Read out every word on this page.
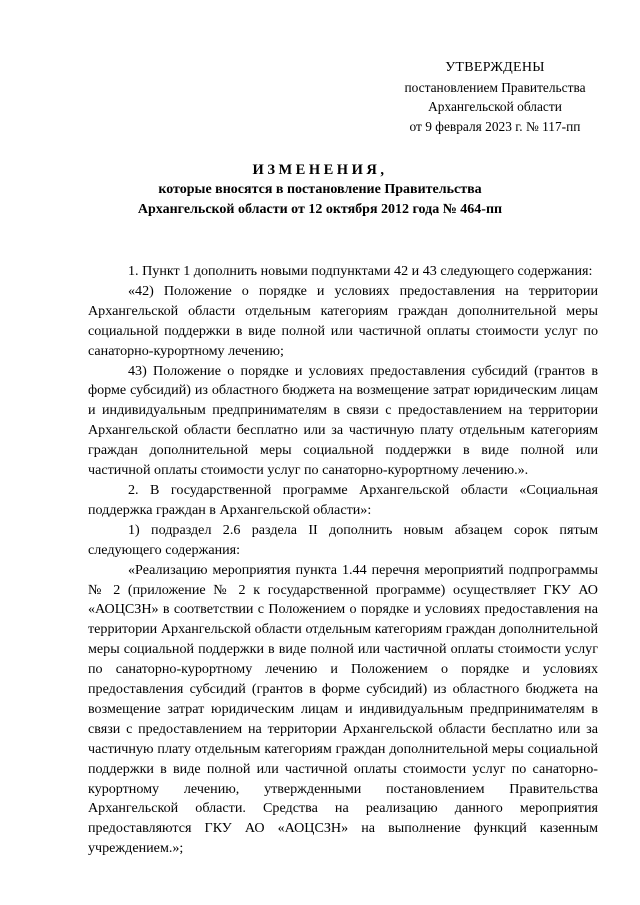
УТВЕРЖДЕНЫ
постановлением Правительства
Архангельской области
от 9 февраля 2023 г. № 117-пп
ИЗМЕНЕНИЯ,
которые вносятся в постановление Правительства
Архангельской области от 12 октября 2012 года № 464-пп

1. Пункт 1 дополнить новыми подпунктами 42 и 43 следующего содержания:

«42) Положение о порядке и условиях предоставления на территории Архангельской области отдельным категориям граждан дополнительной меры социальной поддержки в виде полной или частичной оплаты стоимости услуг по санаторно-курортному лечению;

43) Положение о порядке и условиях предоставления субсидий (грантов в форме субсидий) из областного бюджета на возмещение затрат юридическим лицам и индивидуальным предпринимателям в связи с предоставлением на территории Архангельской области бесплатно или за частичную плату отдельным категориям граждан дополнительной меры социальной поддержки в виде полной или частичной оплаты стоимости услуг по санаторно-курортному лечению.».

2. В государственной программе Архангельской области «Социальная поддержка граждан в Архангельской области»:

1) подраздел 2.6 раздела II дополнить новым абзацем сорок пятым следующего содержания:

«Реализацию мероприятия пункта 1.44 перечня мероприятий подпрограммы № 2 (приложение № 2 к государственной программе) осуществляет ГКУ АО «АОЦСЗН» в соответствии с Положением о порядке и условиях предоставления на территории Архангельской области отдельным категориям граждан дополнительной меры социальной поддержки в виде полной или частичной оплаты стоимости услуг по санаторно-курортному лечению и Положением о порядке и условиях предоставления субсидий (грантов в форме субсидий) из областного бюджета на возмещение затрат юридическим лицам и индивидуальным предпринимателям в связи с предоставлением на территории Архангельской области бесплатно или за частичную плату отдельным категориям граждан дополнительной меры социальной поддержки в виде полной или частичной оплаты стоимости услуг по санаторно-курортному лечению, утвержденными постановлением Правительства Архангельской области. Средства на реализацию данного мероприятия предоставляются ГКУ АО «АОЦСЗН» на выполнение функций казенным учреждением.»;
